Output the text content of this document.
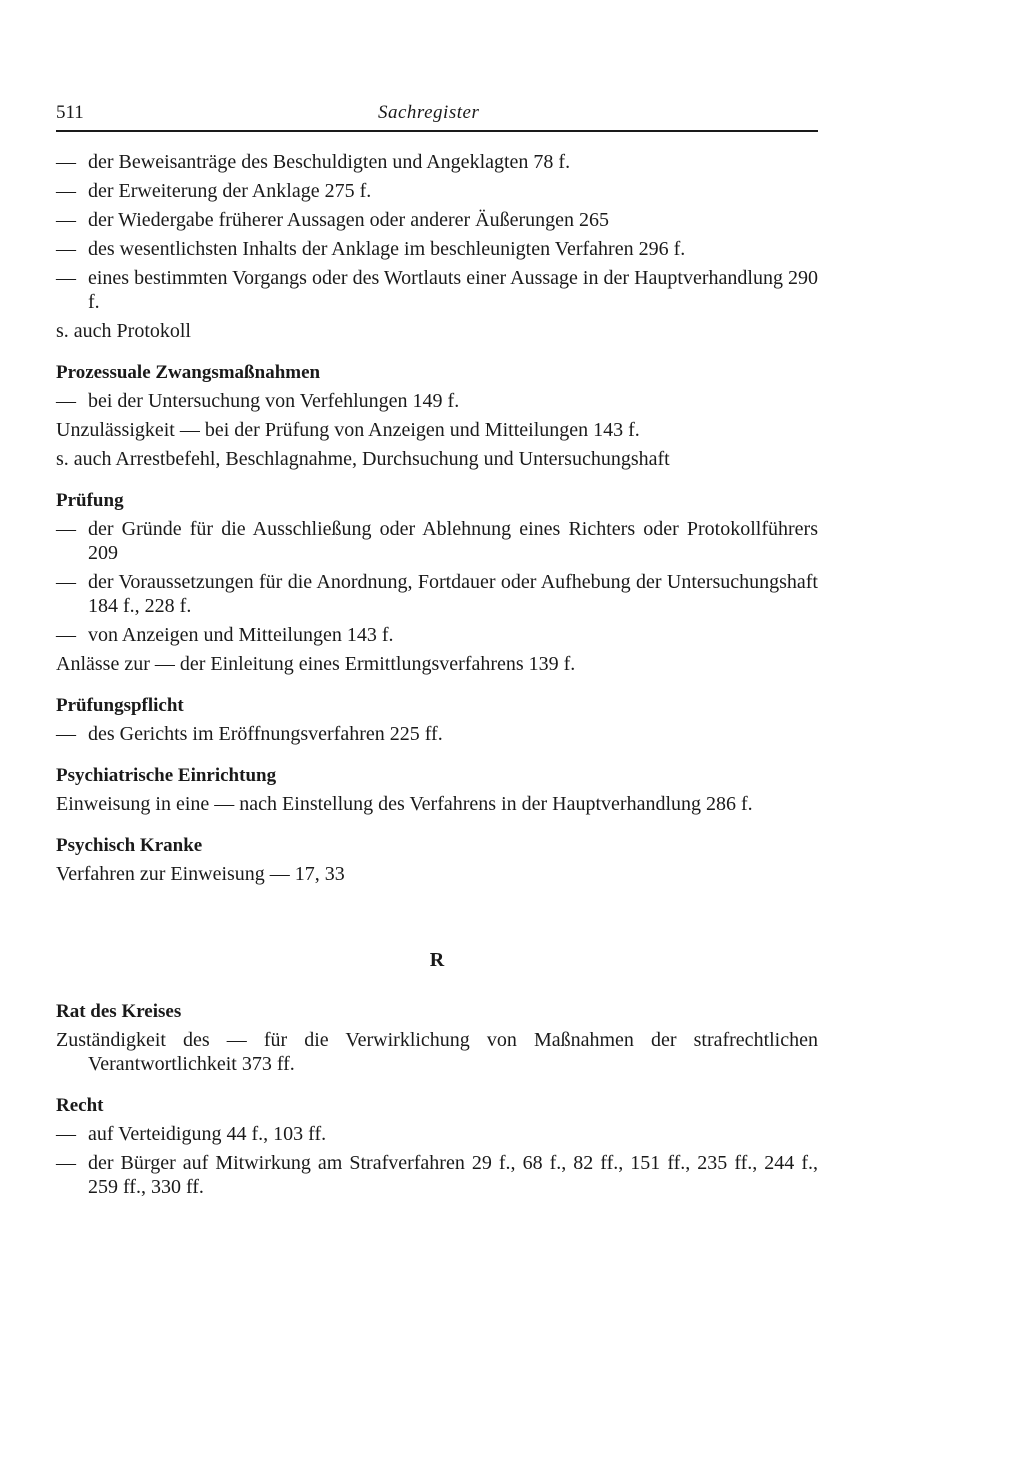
511	Sachregister
— der Beweisanträge des Beschuldigten und Angeklagten 78 f.
— der Erweiterung der Anklage 275 f.
— der Wiedergabe früherer Aussagen oder anderer Äußerungen 265
— des wesentlichsten Inhalts der Anklage im beschleunigten Verfahren 296 f.
— eines bestimmten Vorgangs oder des Wortlauts einer Aussage in der Hauptverhandlung 290 f.
s. auch Protokoll
Prozessuale Zwangsmaßnahmen
— bei der Untersuchung von Verfehlungen 149 f.
Unzulässigkeit — bei der Prüfung von Anzeigen und Mitteilungen 143 f.
s. auch Arrestbefehl, Beschlagnahme, Durchsuchung und Untersuchungshaft
Prüfung
— der Gründe für die Ausschließung oder Ablehnung eines Richters oder Protokollführers 209
— der Voraussetzungen für die Anordnung, Fortdauer oder Aufhebung der Untersuchungshaft 184 f., 228 f.
— von Anzeigen und Mitteilungen 143 f.
Anlässe zur — der Einleitung eines Ermittlungsverfahrens 139 f.
Prüfungspflicht
— des Gerichts im Eröffnungsverfahren 225 ff.
Psychiatrische Einrichtung
Einweisung in eine — nach Einstellung des Verfahrens in der Hauptverhandlung 286 f.
Psychisch Kranke
Verfahren zur Einweisung — 17, 33
R
Rat des Kreises
Zuständigkeit des — für die Verwirklichung von Maßnahmen der strafrechtlichen Verantwortlichkeit 373 ff.
Recht
— auf Verteidigung 44 f., 103 ff.
— der Bürger auf Mitwirkung am Strafverfahren 29 f., 68 f., 82 ff., 151 ff., 235 ff., 244 f., 259 ff., 330 ff.
